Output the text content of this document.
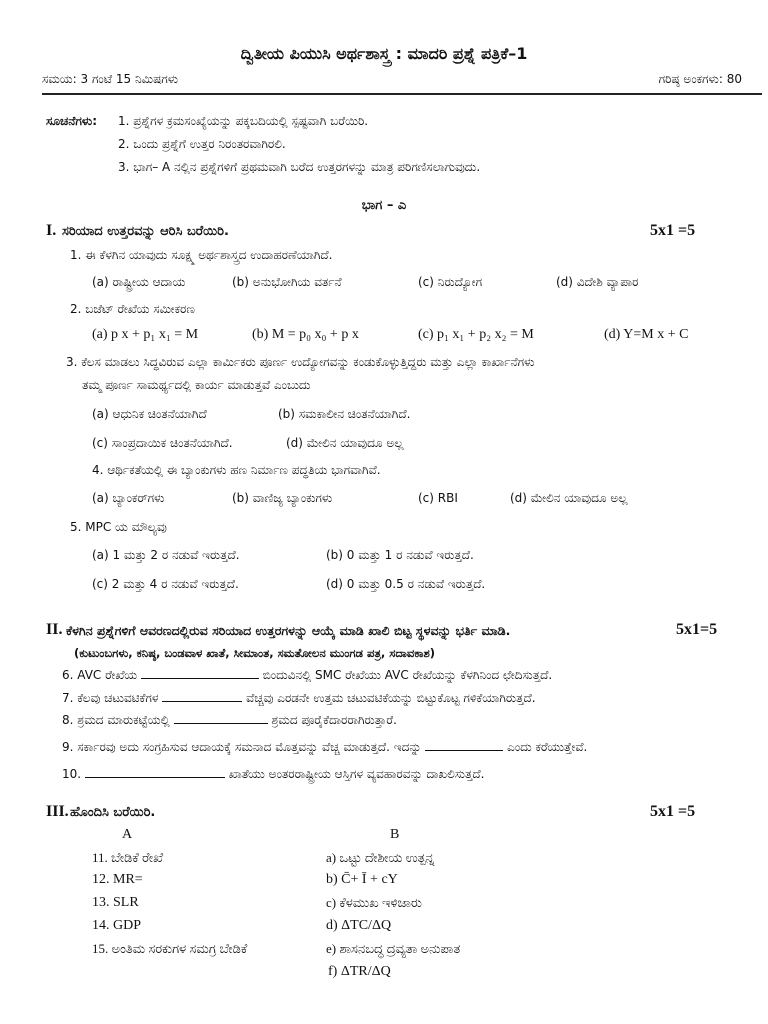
ದ್ವಿತೀಯ ಪಿಯುಸಿ ಅರ್ಥಶಾಸ್ತ್ರ : ಮಾದರಿ ಪ್ರಶ್ನೆ ಪತ್ರಿಕೆ–1
ಸಮಯ: 3 ಗಂಟೆ 15 ನಿಮಿಷಗಳು	ಗರಿಷ್ಠ ಅಂಕಗಳು: 80
ಸೂಚನೆಗಳು: 1. ಪ್ರಶ್ನೆಗಳ ಕ್ರಮಸಂಖ್ಯೆಯನ್ನು ಪಕ್ಕಬದಿಯಲ್ಲಿ ಸ್ಪಷ್ಟವಾಗಿ ಬರೆಯಿರಿ.
2. ಒಂದು ಪ್ರಶ್ನೆಗೆ ಉತ್ತರ ನಿರಂತರವಾಗಿರಲಿ.
3. ಭಾಗ– A ನಲ್ಲಿನ ಪ್ರಶ್ನೆಗಳಿಗೆ ಪ್ರಥಮವಾಗಿ ಬರೆದ ಉತ್ತರಗಳನ್ನು ಮಾತ್ರ ಪರಿಗಣಿಸಲಾಗುವುದು.
ಭಾಗ – ಎ
I. ಸರಿಯಾದ ಉತ್ತರವನ್ನು ಆರಿಸಿ ಬರೆಯಿರಿ.	5x1 =5
1. ಈ ಕೆಳಗಿನ ಯಾವುದು ಸೂಕ್ಷ್ಮ ಅರ್ಥಶಾಸ್ತ್ರದ ಉದಾಹರಣೆಯಾಗಿದೆ.
(a) ರಾಷ್ಟ್ರೀಯ ಆದಾಯ	(b) ಅನುಭೋಗಿಯ ವರ್ತನೆ	(c) ನಿರುದ್ಯೋಗ	(d) ವಿದೇಶಿ ವ್ಯಾಪಾರ
2. ಬಜೆಟ್ ರೇಖೆಯ ಸಮೀಕರಣ
(a) p x + p₁ x₁ = M	(b) M = p₀ x₀ + p x	(c) p₁ x₁ + p₂ x₂ = M	(d) Y=M x + C
3. ಕೆಲಸ ಮಾಡಲು ಸಿದ್ಧವಿರುವ ಎಲ್ಲಾ ಕಾರ್ಮಿಕರು ಪೂರ್ಣ ಉದ್ಯೋಗವನ್ನು ಕಂಡುಕೊಳ್ಳುತ್ತಿದ್ದರು ಮತ್ತು ಎಲ್ಲಾ ಕಾರ್ಖಾನೆಗಳು
ತಮ್ಮ ಪೂರ್ಣ ಸಾಮರ್ಥ್ಯದಲ್ಲಿ ಕಾರ್ಯ ಮಾಡುತ್ತವೆ ಎಂಬುದು
(a) ಆಧುನಿಕ ಚಿಂತನೆಯಾಗಿದೆ	(b) ಸಮಕಾಲೀನ ಚಿಂತನೆಯಾಗಿದೆ.
(c) ಸಾಂಪ್ರದಾಯಿಕ ಚಿಂತನೆಯಾಗಿದೆ.	(d) ಮೇಲಿನ ಯಾವುದೂ ಅಲ್ಲ
4. ಆರ್ಥಿಕತೆಯಲ್ಲಿ ಈ ಬ್ಯಾಂಕುಗಳು ಹಣ ನಿರ್ಮಾಣ ಪದ್ಧತಿಯ ಭಾಗವಾಗಿವೆ.
(a) ಬ್ಯಾಂಕರ್‌ಗಳು	(b) ವಾಣಿಜ್ಯ ಬ್ಯಾಂಕುಗಳು	(c) RBI	(d) ಮೇಲಿನ ಯಾವುದೂ ಅಲ್ಲ
5. MPC ಯ ಮೌಲ್ಯವು
(a) 1 ಮತ್ತು 2 ರ ನಡುವೆ ಇರುತ್ತದೆ.	(b) 0 ಮತ್ತು 1 ರ ನಡುವೆ ಇರುತ್ತದೆ.
(c) 2 ಮತ್ತು 4 ರ ನಡುವೆ ಇರುತ್ತದೆ.	(d) 0 ಮತ್ತು 0.5 ರ ನಡುವೆ ಇರುತ್ತದೆ.
II. ಕೆಳಗಿನ ಪ್ರಶ್ನೆಗಳಿಗೆ ಆವರಣದಲ್ಲಿರುವ ಸರಿಯಾದ ಉತ್ತರಗಳನ್ನು ಆಯ್ಕೆ ಮಾಡಿ ಖಾಲಿ ಬಿಟ್ಟ ಸ್ಥಳವನ್ನು ಭರ್ತಿ ಮಾಡಿ.	5x1=5
(ಕುಟುಂಬಗಳು, ಕನಿಷ್ಠ, ಬಂಡವಾಳ ಖಾತೆ, ಸೀಮಾಂತ, ಸಮತೋಲನ ಮುಂಗಡ ಪತ್ರ, ಸದಾವಕಾಶ)
6. AVC ರೇಖೆಯ	ಬಿಂದುವಿನಲ್ಲಿ SMC ರೇಖೆಯು AVC ರೇಖೆಯನ್ನು ಕೆಳಗಿನಿಂದ ಛೇದಿಸುತ್ತದೆ.
7. ಕೆಲವು ಚಟುವಟಿಕೆಗಳ	ವೆಚ್ಚವು ಎರಡನೇ ಉತ್ತಮ ಚಟುವಟಿಕೆಯನ್ನು ಬಿಟ್ಟುಕೊಟ್ಟ ಗಳಿಕೆಯಾಗಿರುತ್ತದೆ.
8. ಶ್ರಮದ ಮಾರುಕಟ್ಟೆಯಲ್ಲಿ	ಶ್ರಮದ ಪೂರೈಕೆದಾರರಾಗಿರುತ್ತಾರೆ.
9. ಸರ್ಕಾರವು ಅದು ಸಂಗ್ರಹಿಸುವ ಆದಾಯಕ್ಕೆ ಸಮನಾದ ಮೊತ್ತವನ್ನು ವೆಚ್ಚ ಮಾಡುತ್ತದೆ. ಇದನ್ನು	ಎಂದು ಕರೆಯುತ್ತೇವೆ.
10.	ಖಾತೆಯು ಅಂತರರಾಷ್ಟ್ರೀಯ ಆಸ್ತಿಗಳ ವ್ಯವಹಾರವನ್ನು ದಾಖಲಿಸುತ್ತದೆ.
III. ಹೊಂದಿಸಿ ಬರೆಯಿರಿ.	5x1 =5
A	B
11. ಬೇಡಿಕೆ ರೇಖೆ	a) ಒಟ್ಟು ದೇಶೀಯ ಉತ್ಪನ್ನ
12. MR=	b) C̄+ Ī + cY
13. SLR	c) ಕೆಳಮುಖ ಇಳಿಜಾರು
14. GDP	d) ΔTC/ΔQ
15. ಅಂತಿಮ ಸರಕುಗಳ ಸಮಗ್ರ ಬೇಡಿಕೆ	e) ಶಾಸನಬದ್ಧ ದ್ರವ್ಯತಾ ಅನುಪಾತ
f) ΔTR/ΔQ
